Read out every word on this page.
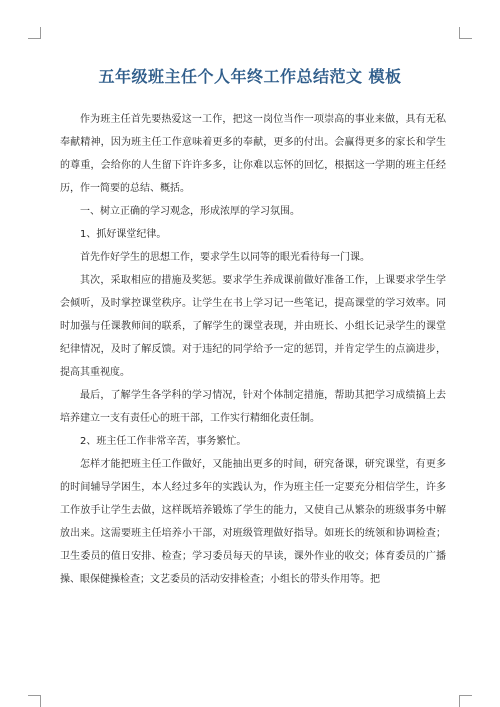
五年级班主任个人年终工作总结范文 模板

作为班主任首先要热爱这一工作，把这一岗位当作一项崇高的事业来做，具有无私奉献精神，因为班主任工作意味着更多的奉献，更多的付出。会赢得更多的家长和学生的尊重，会给你的人生留下许许多多，让你难以忘怀的回忆，根据这一学期的班主任经历，作一简要的总结、概括。

一、树立正确的学习观念，形成浓厚的学习氛围。

1、抓好课堂纪律。

首先作好学生的思想工作，要求学生以同等的眼光看待每一门课。

其次，采取相应的措施及奖惩。要求学生养成课前做好准备工作，上课要求学生学会倾听，及时掌控课堂秩序。让学生在书上学习记一些笔记，提高课堂的学习效率。同时加强与任课教师间的联系，了解学生的课堂表现，并由班长、小组长记录学生的课堂纪律情况，及时了解反馈。对于违纪的同学给予一定的惩罚，并肯定学生的点滴进步，提高其重视度。

最后，了解学生各学科的学习情况，针对个体制定措施，帮助其把学习成绩搞上去培养建立一支有责任心的班干部，工作实行精细化责任制。

2、班主任工作非常辛苦，事务繁忙。

怎样才能把班主任工作做好，又能抽出更多的时间，研究备课，研究课堂，有更多的时间辅导学困生，本人经过多年的实践认为，作为班主任一定要充分相信学生，许多工作放手让学生去做，这样既培养锻炼了学生的能力，又使自己从繁杂的班级事务中解放出来。这需要班主任培养小干部，对班级管理做好指导。如班长的统领和协调检查；卫生委员的值日安排、检查；学习委员每天的早读，课外作业的收交；体育委员的广播操、眼保健操检查；文艺委员的活动安排检查；小组长的带头作用等。把
